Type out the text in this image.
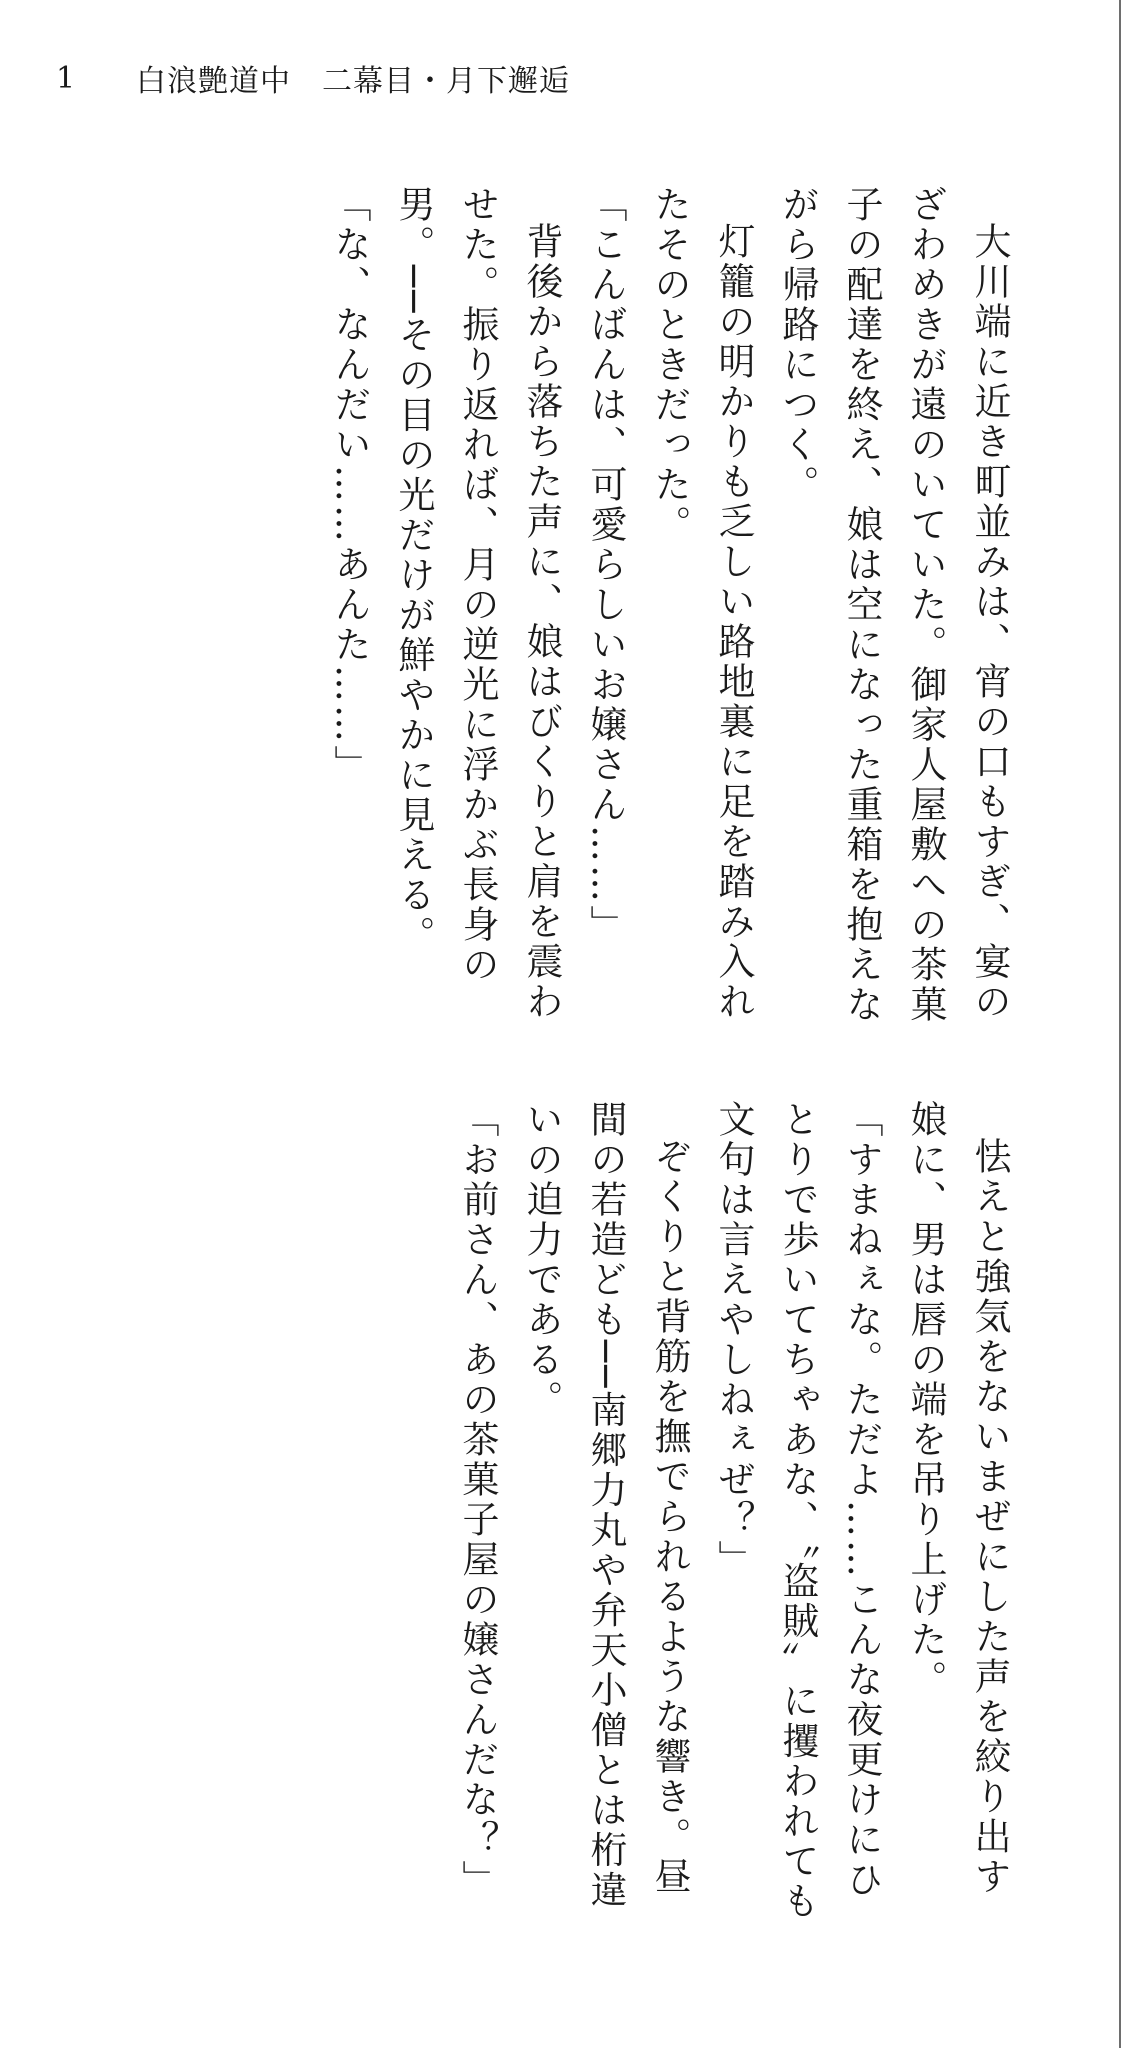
1	白浪艶道中　二幕目・月下邂逅

大川端に近き町並みは、宵の口もすぎ、宴のざわめきが遠のいていた。御家人屋敷への茶菓子の配達を終え、娘は空になった重箱を抱えながら帰路につく。

灯籠の明かりも乏しい路地裏に足を踏み入れたそのときだった。

「こんばんは、可愛らしいお嬢さん……」

背後から落ちた声に、娘はびくりと肩を震わせた。振り返れば、月の逆光に浮かぶ長身の男。──その目の光だけが鮮やかに見える。

「な、なんだい……あんた……」

怯えと強気をないまぜにした声を絞り出す娘に、男は唇の端を吊り上げた。

「すまねぇな。ただよ……こんな夜更けにひとりで歩いてちゃあな、〝盗賊〟に攫われても文句は言えやしねぇぜ？」

ぞくりと背筋を撫でられるような響き。昼間の若造ども──南郷力丸や弁天小僧とは桁違いの迫力である。

「お前さん、あの茶菓子屋の嬢さんだな？」
